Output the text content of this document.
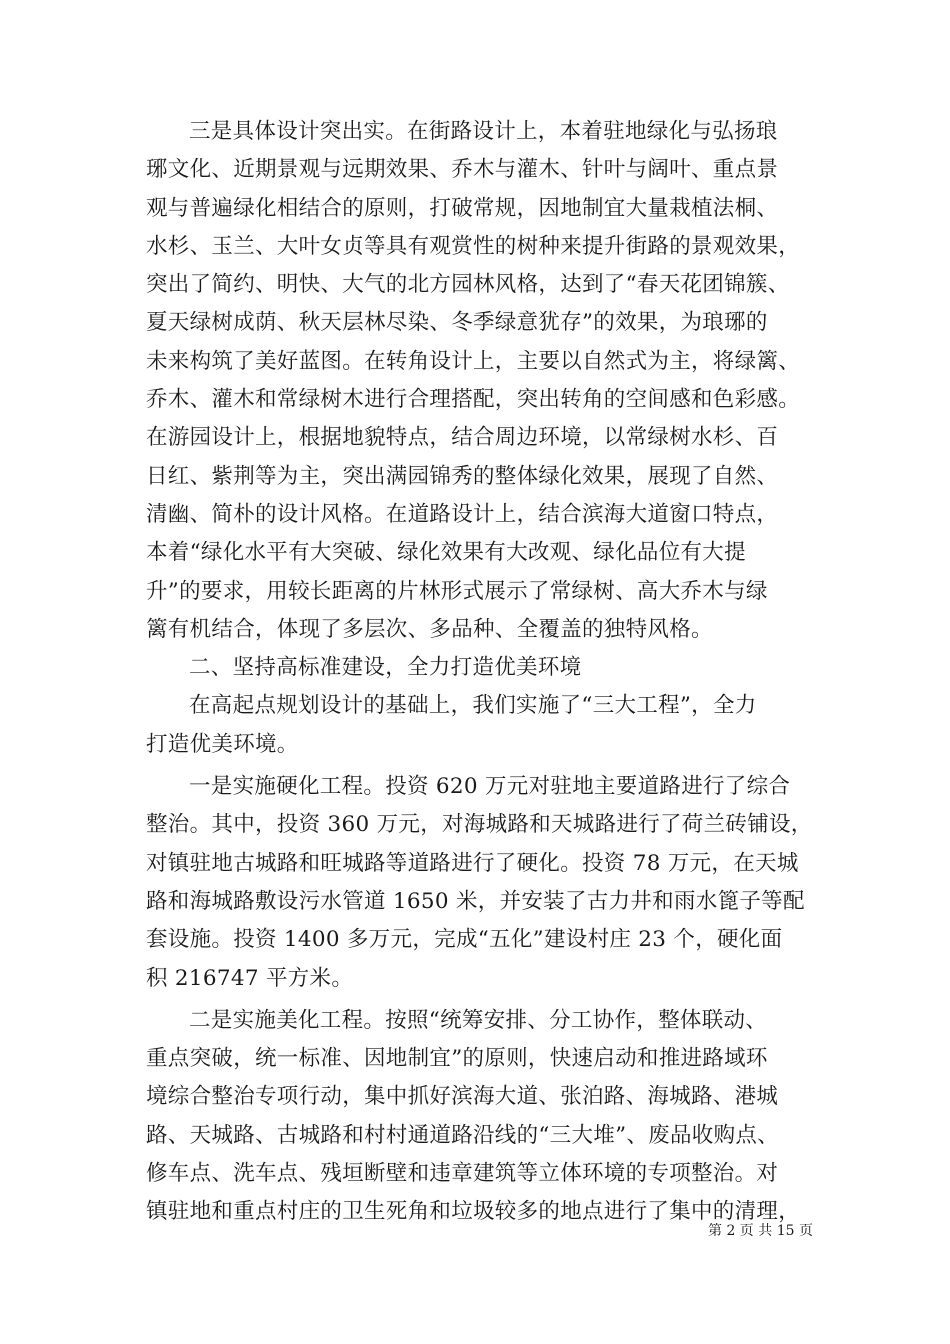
三是具体设计突出实。在街路设计上，本着驻地绿化与弘扬琅
琊文化、近期景观与远期效果、乔木与灌木、针叶与阔叶、重点景
观与普遍绿化相结合的原则，打破常规，因地制宜大量栽植法桐、
水杉、玉兰、大叶女贞等具有观赏性的树种来提升街路的景观效果，
突出了简约、明快、大气的北方园林风格，达到了“春天花团锦簇、
夏天绿树成荫、秋天层林尽染、冬季绿意犹存”的效果，为琅琊的
未来构筑了美好蓝图。在转角设计上，主要以自然式为主，将绿篱、
乔木、灌木和常绿树木进行合理搭配，突出转角的空间感和色彩感。
在游园设计上，根据地貌特点，结合周边环境，以常绿树水杉、百
日红、紫荆等为主，突出满园锦秀的整体绿化效果，展现了自然、
清幽、简朴的设计风格。在道路设计上，结合滨海大道窗口特点，
本着“绿化水平有大突破、绿化效果有大改观、绿化品位有大提
升”的要求，用较长距离的片林形式展示了常绿树、高大乔木与绿
篱有机结合，体现了多层次、多品种、全覆盖的独特风格。
二、坚持高标准建设，全力打造优美环境
在高起点规划设计的基础上，我们实施了“三大工程”，全力
打造优美环境。
一是实施硬化工程。投资 620 万元对驻地主要道路进行了综合
整治。其中，投资 360 万元，对海城路和天城路进行了荷兰砖铺设，
对镇驻地古城路和旺城路等道路进行了硬化。投资 78 万元，在天城
路和海城路敷设污水管道 1650 米，并安装了古力井和雨水篦子等配
套设施。投资 1400 多万元，完成“五化”建设村庄 23 个，硬化面
积 216747 平方米。
二是实施美化工程。按照“统筹安排、分工协作，整体联动、
重点突破，统一标准、因地制宜”的原则，快速启动和推进路域环
境综合整治专项行动，集中抓好滨海大道、张泊路、海城路、港城
路、天城路、古城路和村村通道路沿线的“三大堆”、废品收购点、
修车点、洗车点、残垣断壁和违章建筑等立体环境的专项整治。对
镇驻地和重点村庄的卫生死角和垃圾较多的地点进行了集中的清理，
第 2 页 共 15 页
